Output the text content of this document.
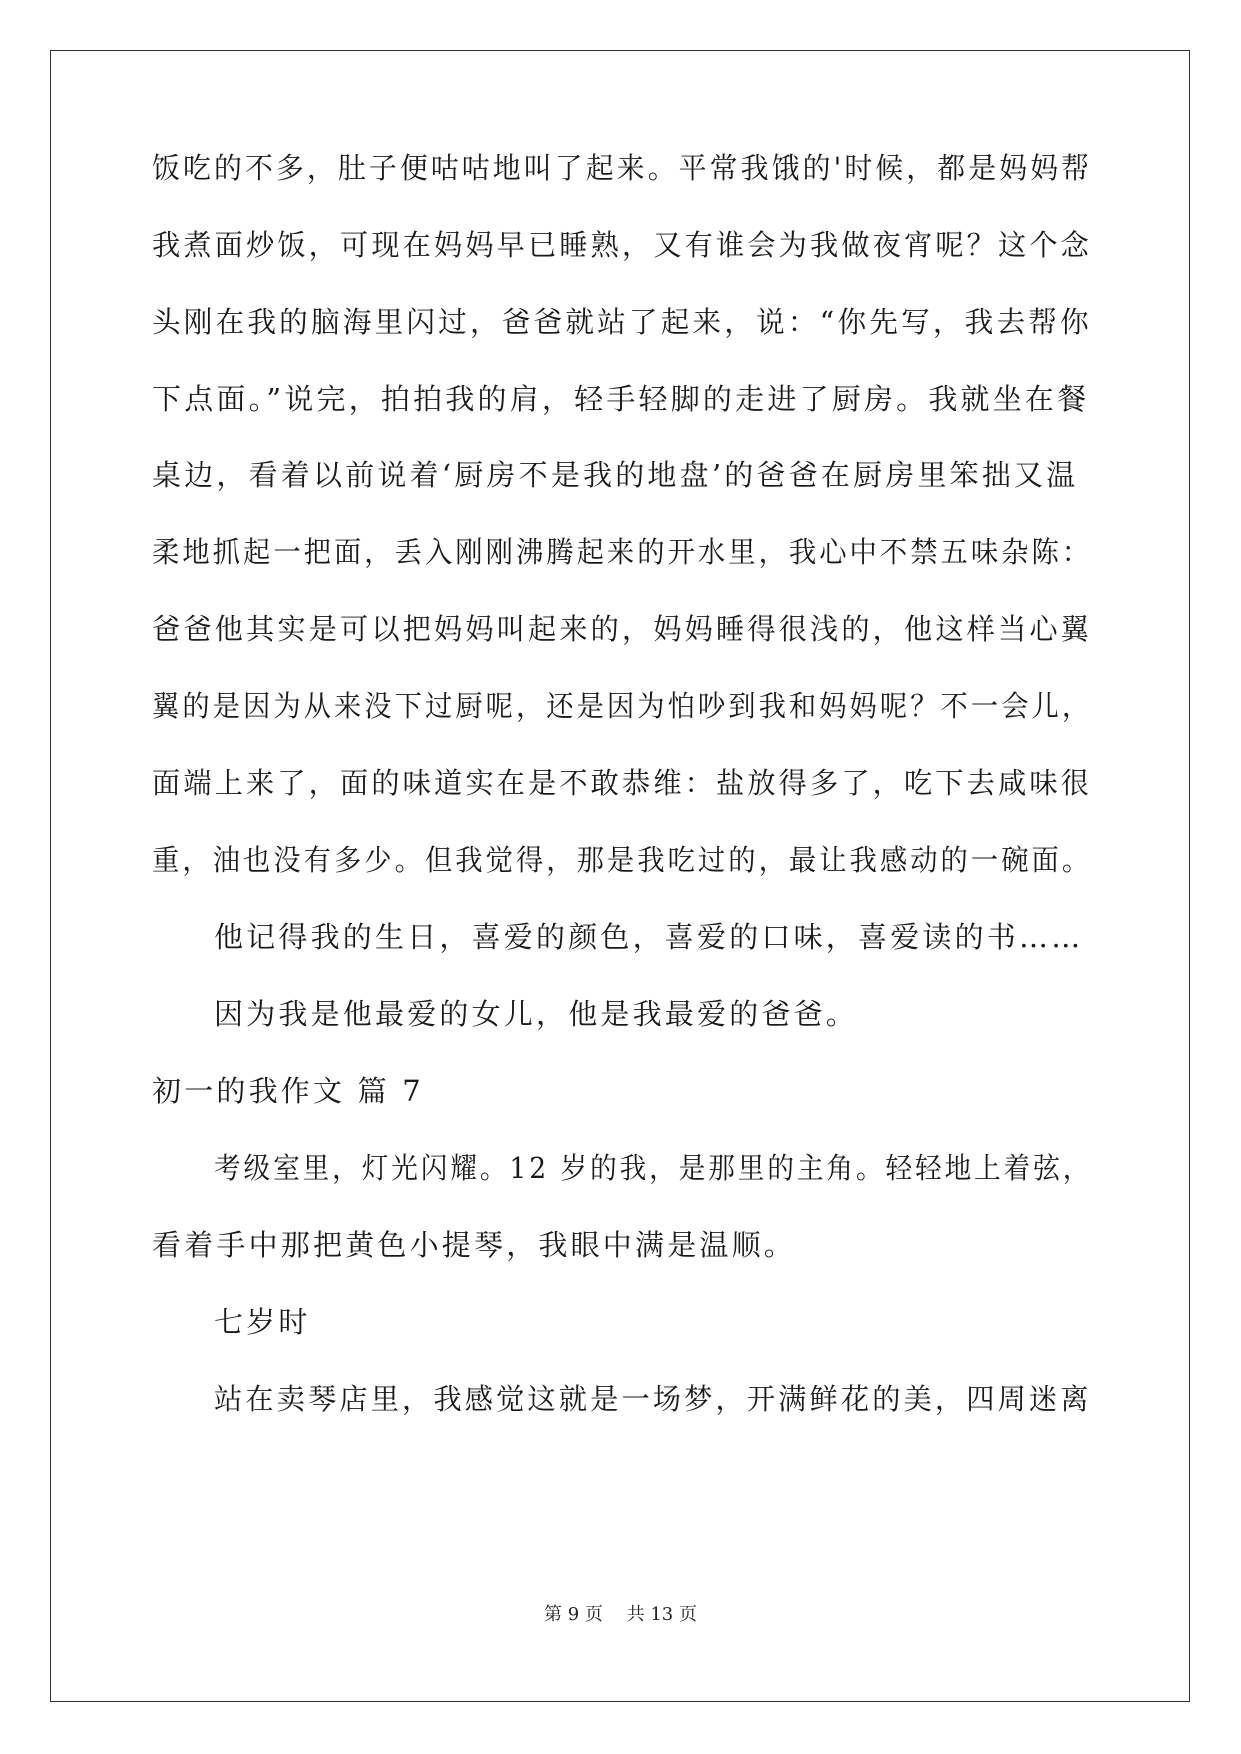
饭吃的不多，肚子便咕咕地叫了起来。平常我饿的'时候，都是妈妈帮
我煮面炒饭，可现在妈妈早已睡熟，又有谁会为我做夜宵呢？这个念
头刚在我的脑海里闪过，爸爸就站了起来，说：“你先写，我去帮你
下点面。”说完，拍拍我的肩，轻手轻脚的走进了厨房。我就坐在餐
桌边，看着以前说着‘厨房不是我的地盘’的爸爸在厨房里笨拙又温
柔地抓起一把面，丢入刚刚沸腾起来的开水里，我心中不禁五味杂陈：
爸爸他其实是可以把妈妈叫起来的，妈妈睡得很浅的，他这样当心翼
翼的是因为从来没下过厨呢，还是因为怕吵到我和妈妈呢？不一会儿，
面端上来了，面的味道实在是不敢恭维：盐放得多了，吃下去咸味很
重，油也没有多少。但我觉得，那是我吃过的，最让我感动的一碗面。
他记得我的生日，喜爱的颜色，喜爱的口味，喜爱读的书……
因为我是他最爱的女儿，他是我最爱的爸爸。
初一的我作文 篇 7
考级室里，灯光闪耀。12 岁的我，是那里的主角。轻轻地上着弦，
看着手中那把黄色小提琴，我眼中满是温顺。
七岁时
站在卖琴店里，我感觉这就是一场梦，开满鲜花的美，四周迷离
第 9 页　 共 13 页
